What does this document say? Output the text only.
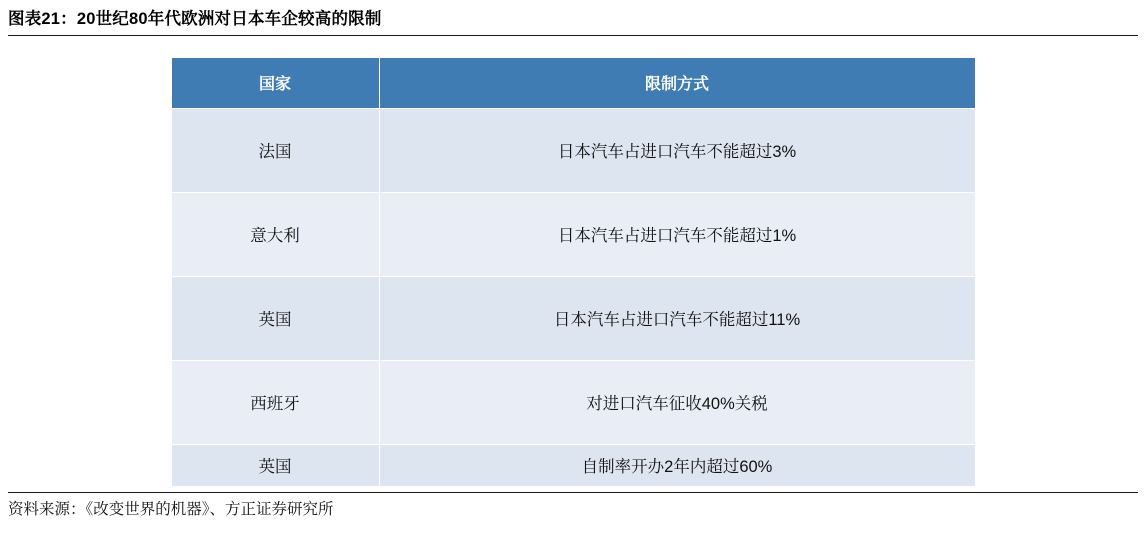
图表21：20世纪80年代欧洲对日本车企较高的限制
国家	限制方式
法国	日本汽车占进口汽车不能超过3%
意大利	日本汽车占进口汽车不能超过1%
英国	日本汽车占进口汽车不能超过11%
西班牙	对进口汽车征收40%关税
英国	自制率开办2年内超过60%
资料来源：《改变世界的机器》、方正证券研究所
